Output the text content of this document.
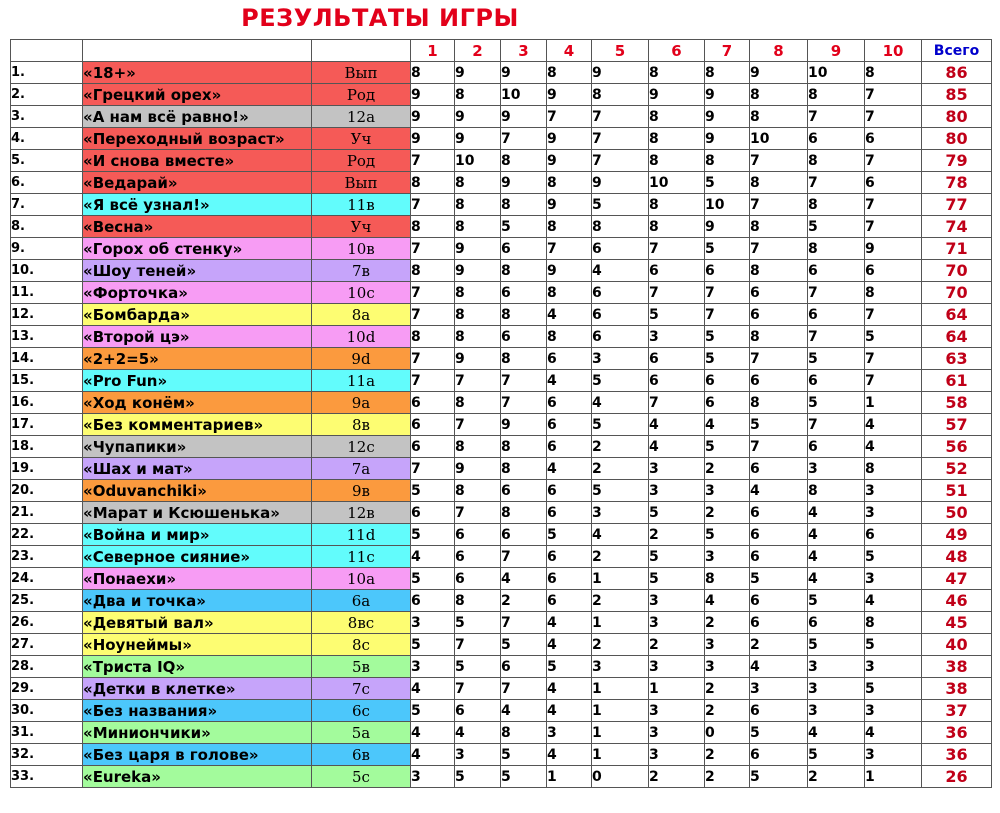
РЕЗУЛЬТАТЫ ИГРЫ
			1	2	3	4	5	6	7	8	9	10	Всего
1.	«18+»	Вып	8	9	9	8	9	8	8	9	10	8	86
2.	«Грецкий орех»	Род	9	8	10	9	8	9	9	8	8	7	85
3.	«А нам всё равно!»	12а	9	9	9	7	7	8	9	8	7	7	80
4.	«Переходный возраст»	Уч	9	9	7	9	7	8	9	10	6	6	80
5.	«И снова вместе»	Род	7	10	8	9	7	8	8	7	8	7	79
6.	«Ведарай»	Вып	8	8	9	8	9	10	5	8	7	6	78
7.	«Я всё узнал!»	11в	7	8	8	9	5	8	10	7	8	7	77
8.	«Весна»	Уч	8	8	5	8	8	8	9	8	5	7	74
9.	«Горох об стенку»	10в	7	9	6	7	6	7	5	7	8	9	71
10.	«Шоу теней»	7в	8	9	8	9	4	6	6	8	6	6	70
11.	«Форточка»	10с	7	8	6	8	6	7	7	6	7	8	70
12.	«Бомбарда»	8а	7	8	8	4	6	5	7	6	6	7	64
13.	«Второй цэ»	10d	8	8	6	8	6	3	5	8	7	5	64
14.	«2+2=5»	9d	7	9	8	6	3	6	5	7	5	7	63
15.	«Pro Fun»	11а	7	7	7	4	5	6	6	6	6	7	61
16.	«Ход конём»	9а	6	8	7	6	4	7	6	8	5	1	58
17.	«Без комментариев»	8в	6	7	9	6	5	4	4	5	7	4	57
18.	«Чупапики»	12с	6	8	8	6	2	4	5	7	6	4	56
19.	«Шах и мат»	7а	7	9	8	4	2	3	2	6	3	8	52
20.	«Oduvanchiki»	9в	5	8	6	6	5	3	3	4	8	3	51
21.	«Марат и Ксюшенька»	12в	6	7	8	6	3	5	2	6	4	3	50
22.	«Война и мир»	11d	5	6	6	5	4	2	5	6	4	6	49
23.	«Северное сияние»	11с	4	6	7	6	2	5	3	6	4	5	48
24.	«Понаехи»	10а	5	6	4	6	1	5	8	5	4	3	47
25.	«Два и точка»	6а	6	8	2	6	2	3	4	6	5	4	46
26.	«Девятый вал»	8вс	3	5	7	4	1	3	2	6	6	8	45
27.	«Ноунеймы»	8с	5	7	5	4	2	2	3	2	5	5	40
28.	«Триста IQ»	5в	3	5	6	5	3	3	3	4	3	3	38
29.	«Детки в клетке»	7с	4	7	7	4	1	1	2	3	3	5	38
30.	«Без названия»	6с	5	6	4	4	1	3	2	6	3	3	37
31.	«Миниончики»	5а	4	4	8	3	1	3	0	5	4	4	36
32.	«Без царя в голове»	6в	4	3	5	4	1	3	2	6	5	3	36
33.	«Eureka»	5с	3	5	5	1	0	2	2	5	2	1	26
